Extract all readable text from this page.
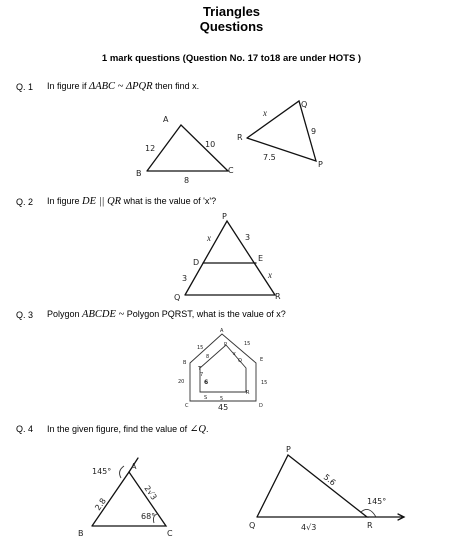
Triangles
Questions
1 mark questions (Question No. 17 to18 are under HOTS )
Q. 1 In figure if ΔABC ~ ΔPQR then find x.
A
B	C
12	10
8
R
Q
P
x
9
7.5
P
D	E
Q	R
x	3
3	x
A
B
C	D
E
P
Q
R
S
T
15
15
8
7
20	15
45
5
x
6
A
B	C
145°
2.8
2√3
68°
P
Q	R
5.6
4√3
145°
Q. 2 In figure DE || QR what is the value of 'x'?
Q. 3 Polygon ABCDE ~ Polygon PQRST, what is the value of x?
Q. 4 In the given figure, find the value of ∠Q.
